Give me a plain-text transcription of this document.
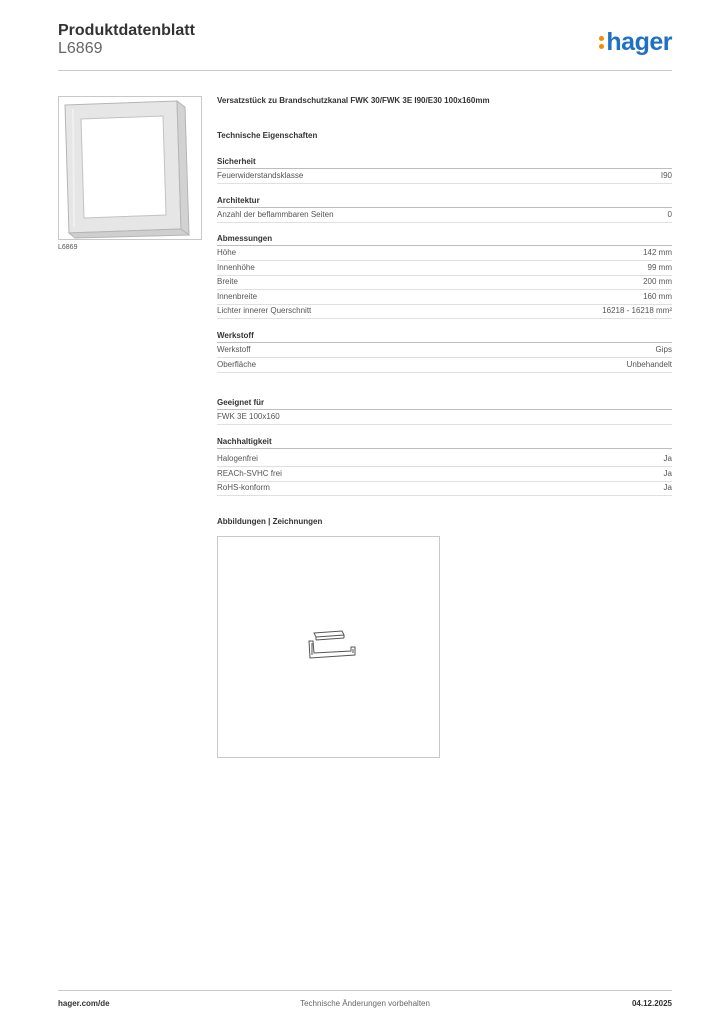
Produktdatenblatt
L6869	hager
L6869
Versatzstück zu Brandschutzkanal FWK 30/FWK 3E I90/E30 100x160mm
Technische Eigenschaften
Sicherheit
Feuerwiderstandsklasse	I90
Architektur
Anzahl der beflammbaren Seiten	0
Abmessungen
Höhe	142 mm
Innenhöhe	99 mm
Breite	200 mm
Innenbreite	160 mm
Lichter innerer Querschnitt	16218 - 16218 mm²
Werkstoff
Werkstoff	Gips
Oberfläche	Unbehandelt
Geeignet für
FWK 3E 100x160
Nachhaltigkeit
Halogenfrei	Ja
REACh-SVHC frei	Ja
RoHS-konform	Ja
Abbildungen | Zeichnungen
hager.com/de	Technische Änderungen vorbehalten	04.12.2025
